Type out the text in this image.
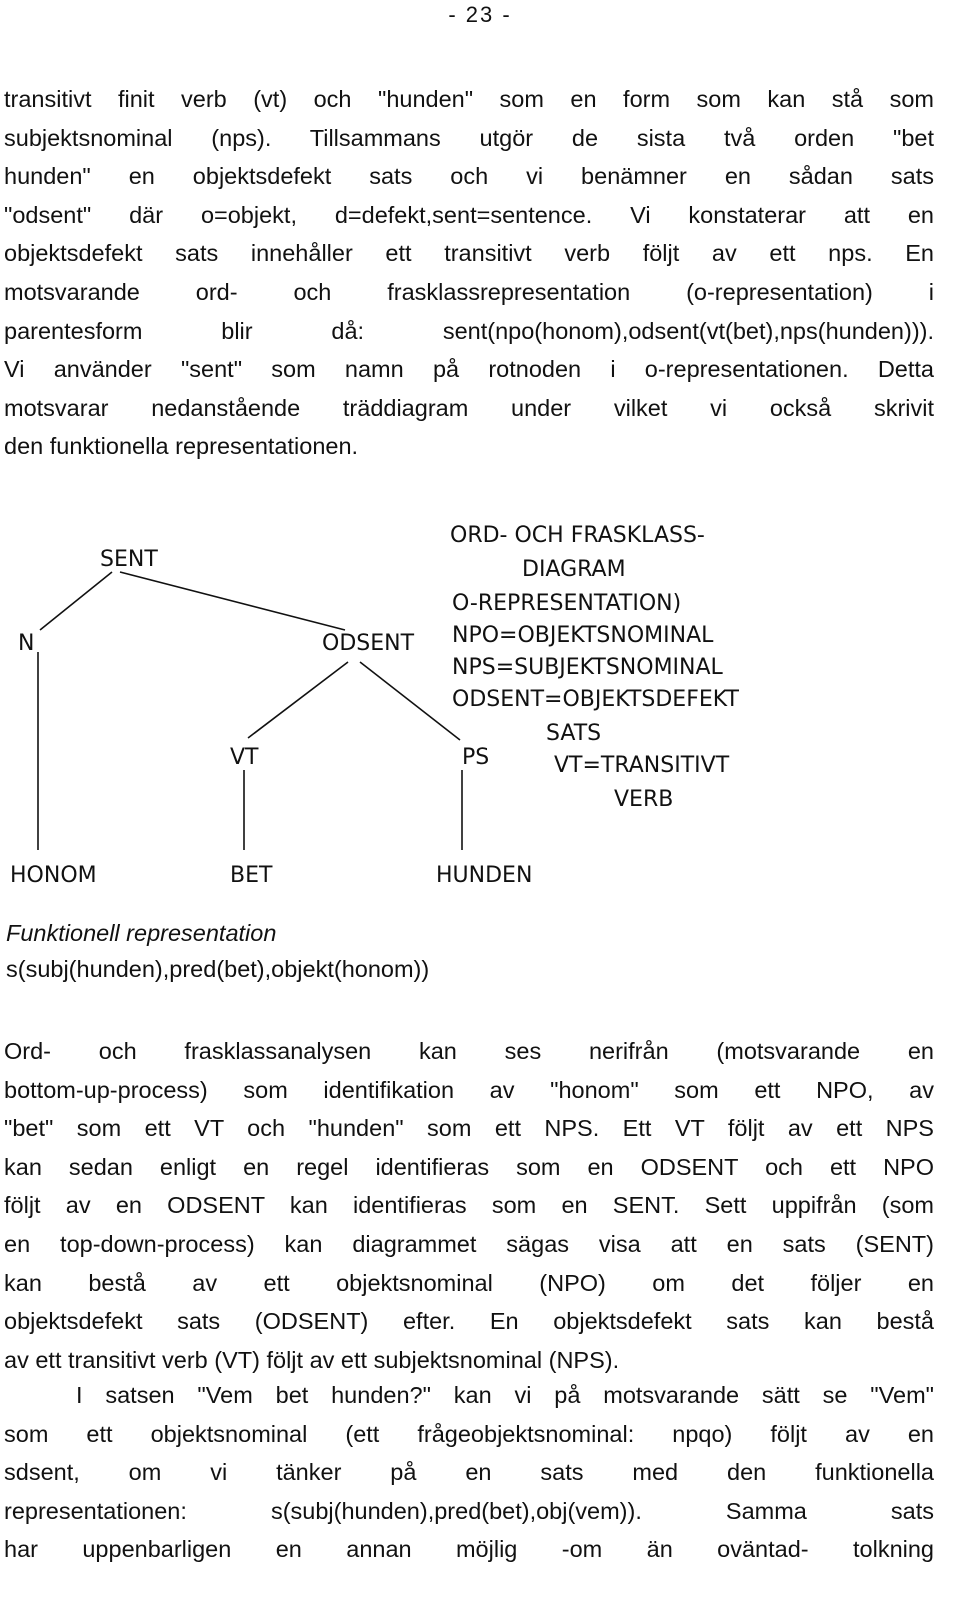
- 23 -
transitivt finit verb (vt) och "hunden" som en form som kan stå som
subjektsnominal (nps). Tillsammans utgör de sista två orden "bet
hunden" en objektsdefekt sats och vi benämner en sådan sats
"odsent" där o=objekt, d=defekt,sent=sentence. Vi konstaterar att en
objektsdefekt sats innehåller ett transitivt verb följt av ett nps. En
motsvarande ord- och frasklassrepresentation (o-representation) i
parentesform blir då: sent(npo(honom),odsent(vt(bet),nps(hunden))).
Vi använder "sent" som namn på rotnoden i o-representationen. Detta
motsvarar nedanstående träddiagram under vilket vi också skrivit
den funktionella representationen.
SENT
N	ODSENT
VT	PS
HONOM	BET	HUNDEN
ORD- OCH FRASKLASS-
DIAGRAM
O-REPRESENTATION)
NPO=OBJEKTSNOMINAL
NPS=SUBJEKTSNOMINAL
ODSENT=OBJEKTSDEFEKT
SATS
VT=TRANSITIVT
VERB

Funktionell representation

s(subj(hunden),pred(bet),objekt(honom))

Ord- och frasklassanalysen kan ses nerifrån (motsvarande en
bottom-up-process) som identifikation av "honom" som ett NPO, av
"bet" som ett VT och "hunden" som ett NPS. Ett VT följt av ett NPS
kan sedan enligt en regel identifieras som en ODSENT och ett NPO
följt av en ODSENT kan identifieras som en SENT. Sett uppifrån (som
en top-down-process) kan diagrammet sägas visa att en sats (SENT)
kan bestå av ett objektsnominal (NPO) om det följer en
objektsdefekt sats (ODSENT) efter. En objektsdefekt sats kan bestå
av ett transitivt verb (VT) följt av ett subjektsnominal (NPS).
I satsen "Vem bet hunden?" kan vi på motsvarande sätt se "Vem"
som ett objektsnominal (ett frågeobjektsnominal: npqo) följt av en
sdsent, om vi tänker på en sats med den funktionella
representationen: s(subj(hunden),pred(bet),obj(vem)). Samma sats
har uppenbarligen en annan möjlig -om än oväntad- tolkning
